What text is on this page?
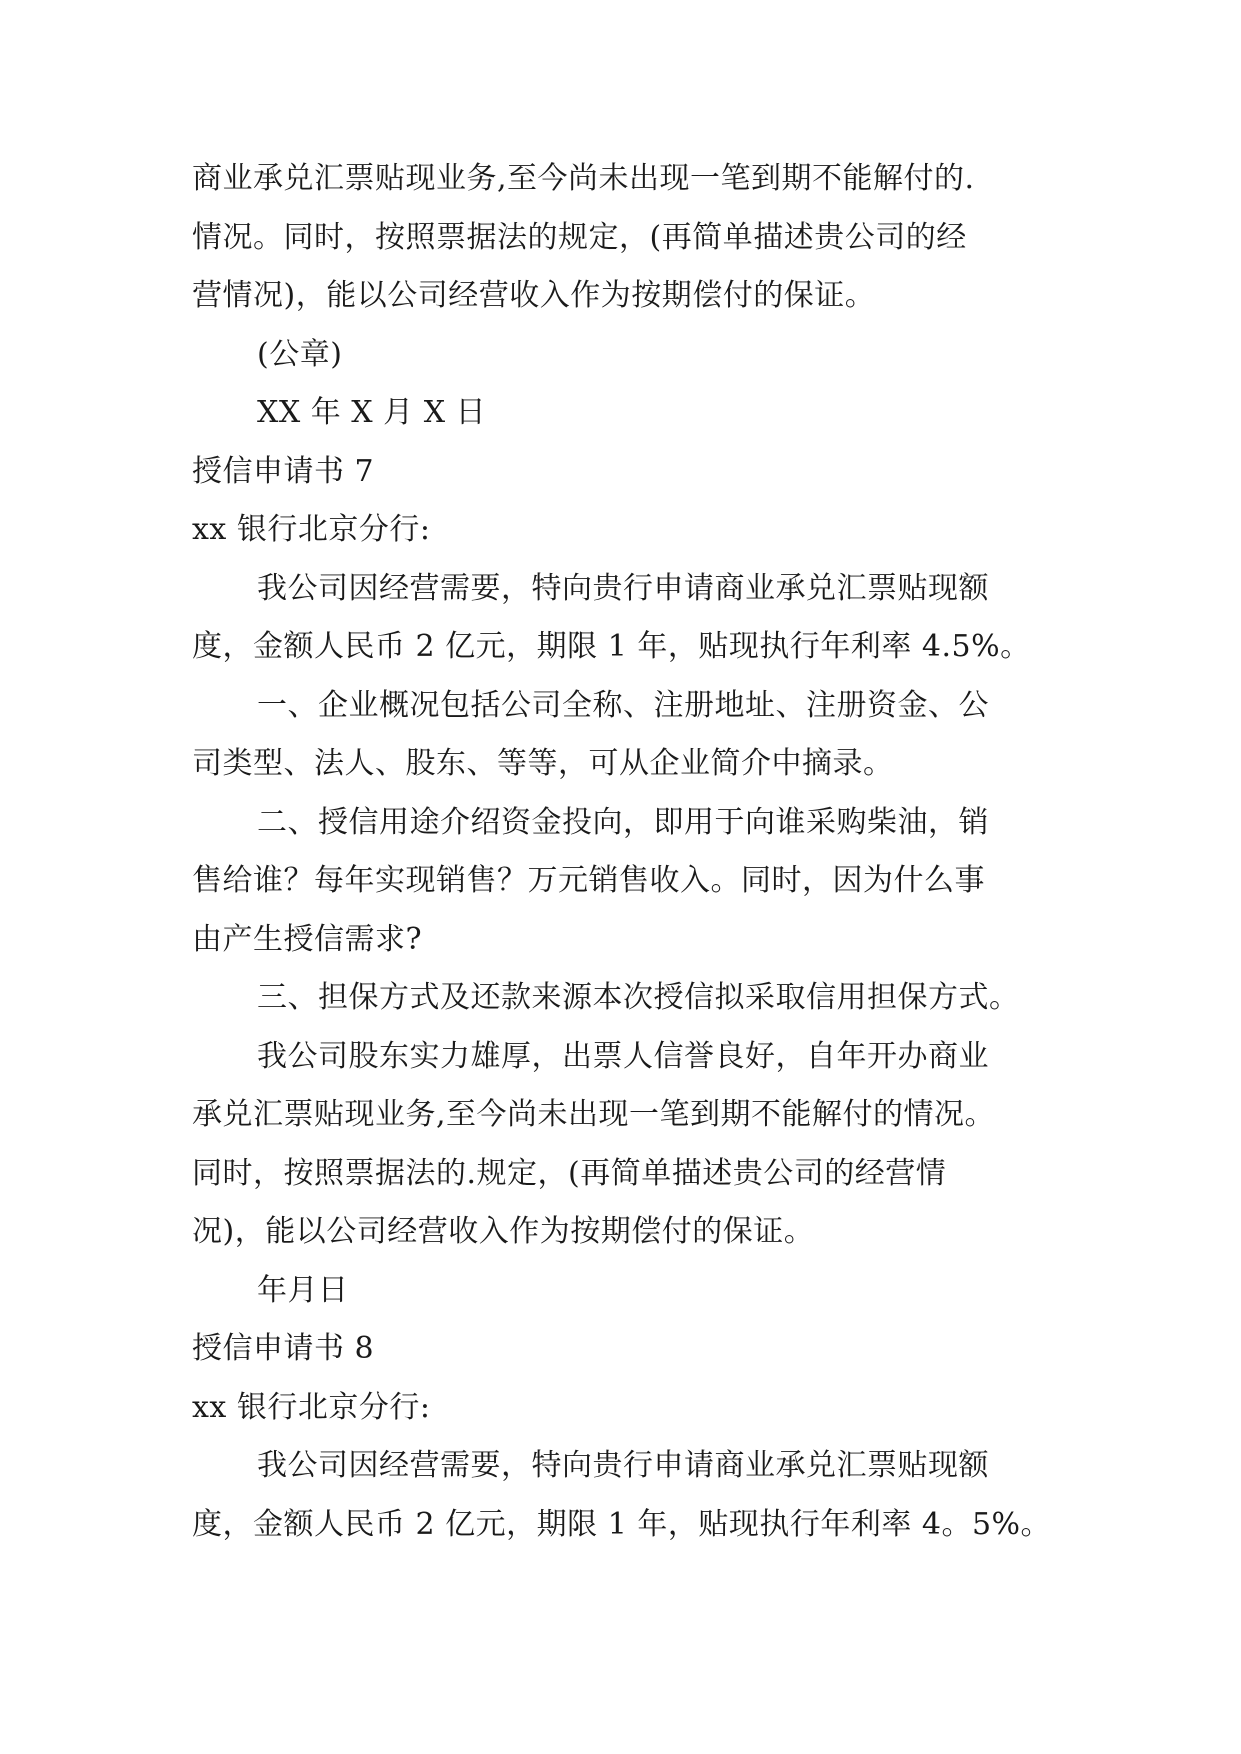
商业承兑汇票贴现业务,至今尚未出现一笔到期不能解付的.
情况。同时，按照票据法的规定，(再简单描述贵公司的经
营情况)，能以公司经营收入作为按期偿付的保证。
(公章)
XX 年 X 月 X 日
授信申请书 7
xx 银行北京分行:
我公司因经营需要，特向贵行申请商业承兑汇票贴现额
度，金额人民币 2 亿元，期限 1 年，贴现执行年利率 4.5%。
一、企业概况包括公司全称、注册地址、注册资金、公
司类型、法人、股东、等等，可从企业简介中摘录。
二、授信用途介绍资金投向，即用于向谁采购柴油，销
售给谁？每年实现销售？万元销售收入。同时，因为什么事
由产生授信需求?
三、担保方式及还款来源本次授信拟采取信用担保方式。
我公司股东实力雄厚，出票人信誉良好，自年开办商业
承兑汇票贴现业务,至今尚未出现一笔到期不能解付的情况。
同时，按照票据法的.规定，(再简单描述贵公司的经营情
况)，能以公司经营收入作为按期偿付的保证。
年月日
授信申请书 8
xx 银行北京分行:
我公司因经营需要，特向贵行申请商业承兑汇票贴现额
度，金额人民币 2 亿元，期限 1 年，贴现执行年利率 4。5%。
